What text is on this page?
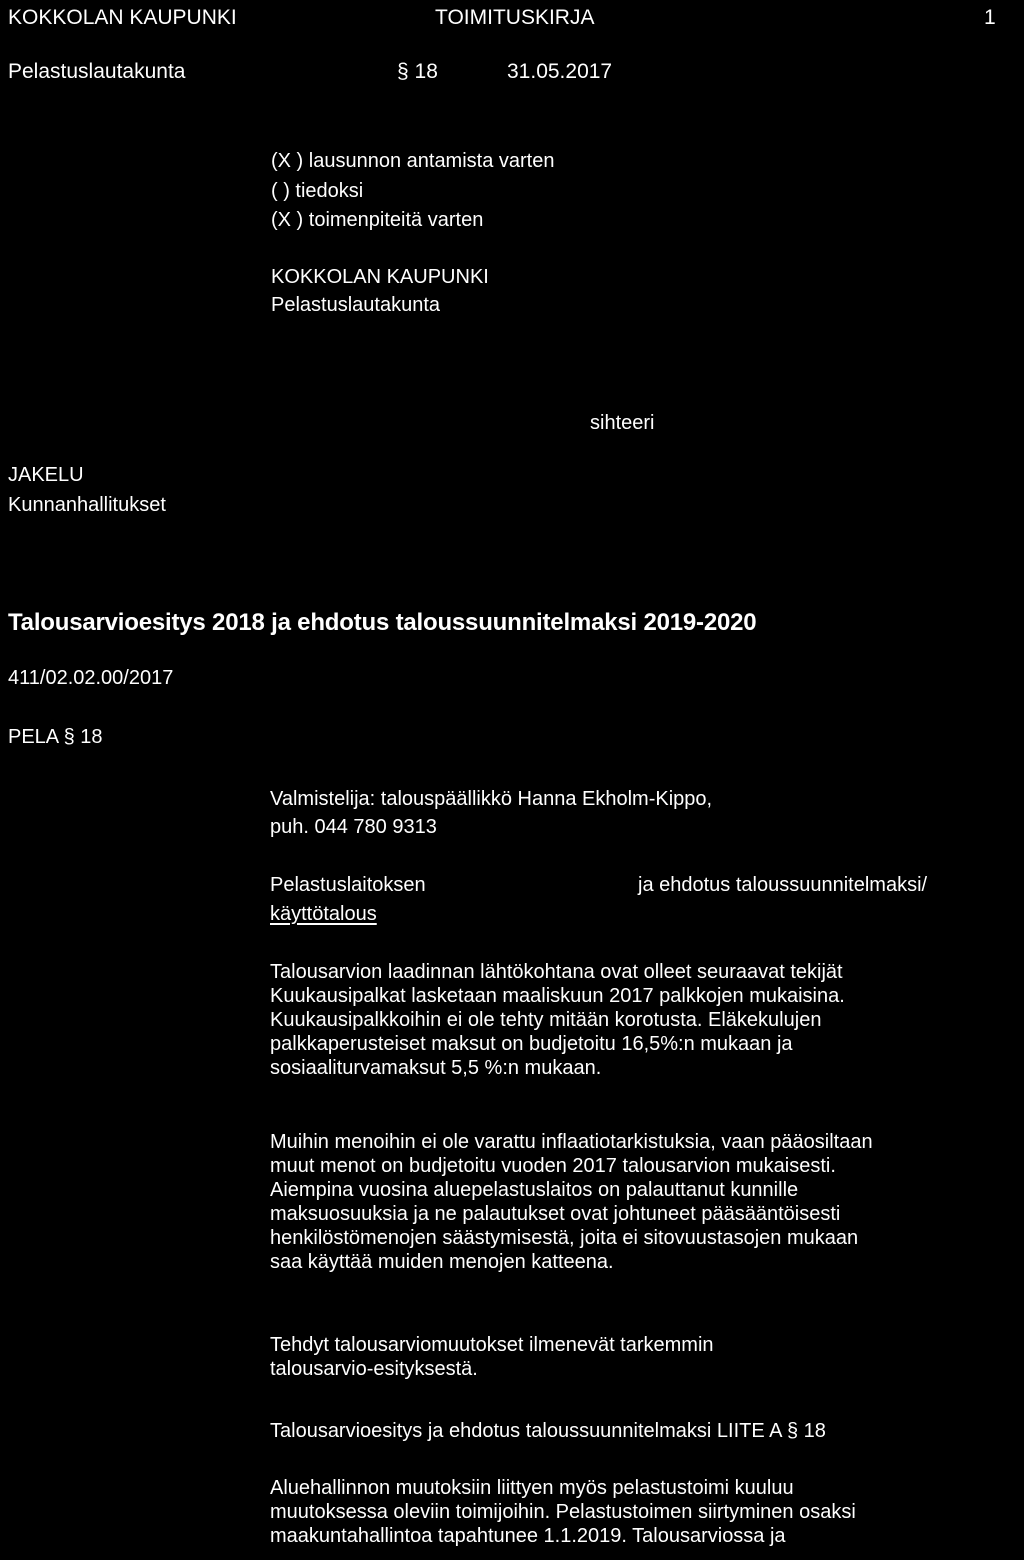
KOKKOLAN KAUPUNKI	TOIMITUSKIRJA	1
Pelastuslautakunta	§ 18	31.05.2017
(X ) lausunnon antamista varten
( ) tiedoksi
(X ) toimenpiteitä varten
KOKKOLAN KAUPUNKI
Pelastuslautakunta
sihteeri
JAKELU
Kunnanhallitukset
Talousarvioesitys 2018 ja ehdotus taloussuunnitelmaksi 2019-2020
411/02.02.00/2017
PELA § 18
Valmistelija: talouspäällikkö Hanna Ekholm-Kippo,
puh. 044 780 9313
Pelastuslaitoksen
käyttötalous
ja ehdotus taloussuunnitelmaksi/

Talousarvion laadinnan lähtökohtana ovat olleet seuraavat tekijät

Kuukausipalkat lasketaan maaliskuun 2017 palkkojen mukaisina.

Kuukausipalkkoihin ei ole tehty mitään korotusta. Eläkekulujen

palkkaperusteiset maksut on budjetoitu 16,5%:n mukaan ja

sosiaaliturvamaksut 5,5 %:n mukaan.

Muihin menoihin ei ole varattu inflaatiotarkistuksia, vaan pääosiltaan

muut menot on budjetoitu vuoden 2017 talousarvion mukaisesti.

Aiempina vuosina aluepelastuslaitos on palauttanut kunnille

maksuosuuksia ja ne palautukset ovat johtuneet pääsääntöisesti

henkilöstömenojen säästymisestä, joita ei sitovuustasojen mukaan

saa käyttää muiden menojen katteena.

Tehdyt talousarviomuutokset ilmenevät tarkemmin

talousarvio-esityksestä.

Talousarvioesitys ja ehdotus taloussuunnitelmaksi LIITE A § 18

Aluehallinnon muutoksiin liittyen myös pelastustoimi kuuluu

muutoksessa oleviin toimijoihin. Pelastustoimen siirtyminen osaksi

maakuntahallintoa tapahtunee 1.1.2019. Talousarviossa ja
